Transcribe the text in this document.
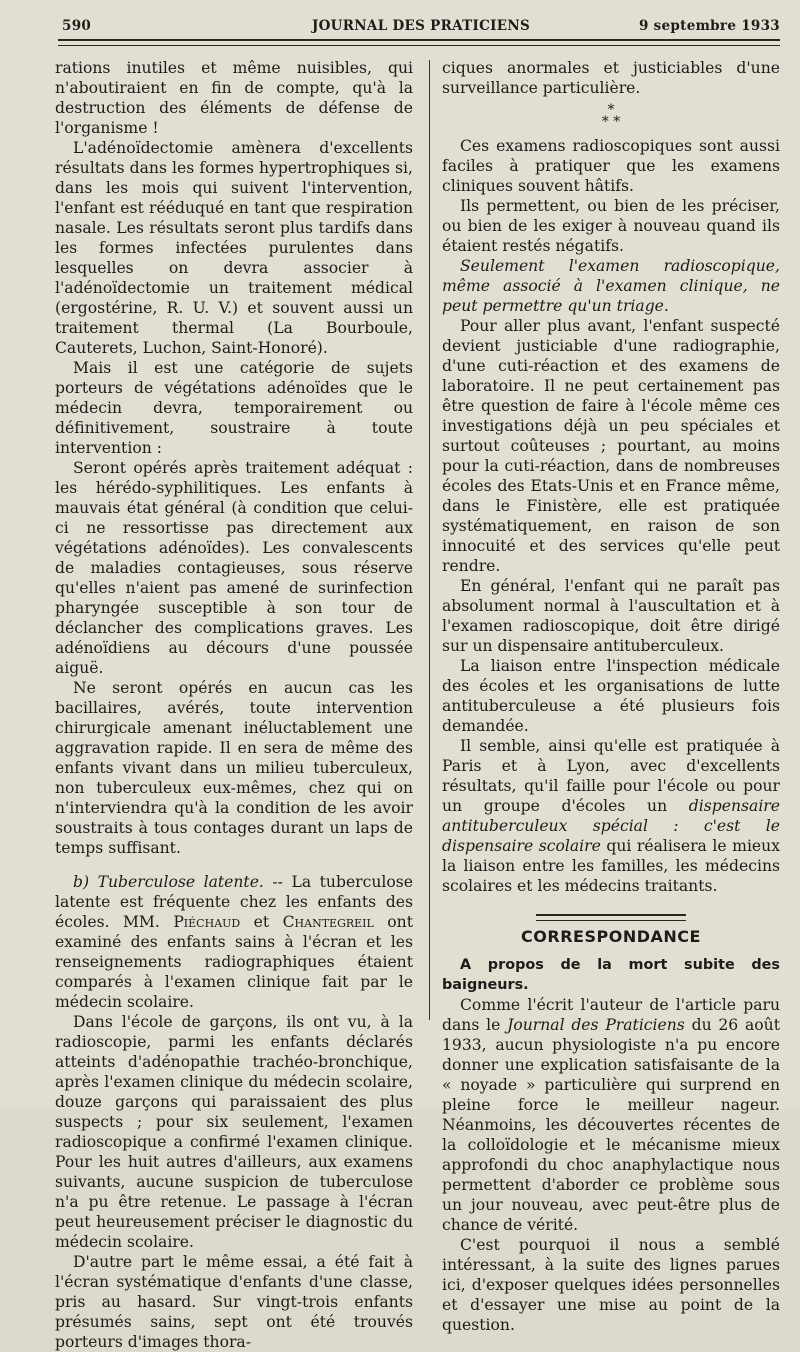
590	JOURNAL DES PRATICIENS	9 septembre 1933

rations inutiles et même nuisibles, qui n'aboutiraient en fin de compte, qu'à la destruction des éléments de défense de l'organisme !

L'adénoïdectomie amènera d'excellents résultats dans les formes hypertrophiques si, dans les mois qui suivent l'intervention, l'enfant est rééduqué en tant que respiration nasale. Les résultats seront plus tardifs dans les formes infectées purulentes dans lesquelles on devra associer à l'adénoïdectomie un traitement médical (ergostérine, R. U. V.) et souvent aussi un traitement thermal (La Bourboule, Cauterets, Luchon, Saint-Honoré).

Mais il est une catégorie de sujets porteurs de végétations adénoïdes que le médecin devra, temporairement ou définitivement, soustraire à toute intervention :

Seront opérés après traitement adéquat : les hérédo-syphilitiques. Les enfants à mauvais état général (à condition que celui-ci ne ressortisse pas directement aux végétations adénoïdes). Les convalescents de maladies contagieuses, sous réserve qu'elles n'aient pas amené de surinfection pharyngée susceptible à son tour de déclancher des complications graves. Les adénoïdiens au décours d'une poussée aiguë.

Ne seront opérés en aucun cas les bacillaires, avérés, toute intervention chirurgicale amenant inéluctablement une aggravation rapide. Il en sera de même des enfants vivant dans un milieu tuberculeux, non tuberculeux eux-mêmes, chez qui on n'interviendra qu'à la condition de les avoir soustraits à tous contages durant un laps de temps suffisant.

b) Tuberculose latente. -- La tuberculose latente est fréquente chez les enfants des écoles. MM. Piéchaud et Chantegreil ont examiné des enfants sains à l'écran et les renseignements radiographiques étaient comparés à l'examen clinique fait par le médecin scolaire.

Dans l'école de garçons, ils ont vu, à la radioscopie, parmi les enfants déclarés atteints d'adénopathie trachéo-bronchique, après l'examen clinique du médecin scolaire, douze garçons qui paraissaient des plus suspects ; pour six seulement, l'examen radioscopique a confirmé l'examen clinique. Pour les huit autres d'ailleurs, aux examens suivants, aucune suspicion de tuberculose n'a pu être retenue. Le passage à l'écran peut heureusement préciser le diagnostic du médecin scolaire.

D'autre part le même essai, a été fait à l'écran systématique d'enfants d'une classe, pris au hasard. Sur vingt-trois enfants présumés sains, sept ont été trouvés porteurs d'images thora-

ciques anormales et justiciables d'une surveillance particulière.

*
* *

Ces examens radioscopiques sont aussi faciles à pratiquer que les examens cliniques souvent hâtifs.

Ils permettent, ou bien de les préciser, ou bien de les exiger à nouveau quand ils étaient restés négatifs.

Seulement l'examen radioscopique, même associé à l'examen clinique, ne peut permettre qu'un triage.

Pour aller plus avant, l'enfant suspecté devient justiciable d'une radiographie, d'une cuti-réaction et des examens de laboratoire. Il ne peut certainement pas être question de faire à l'école même ces investigations déjà un peu spéciales et surtout coûteuses ; pourtant, au moins pour la cuti-réaction, dans de nombreuses écoles des Etats-Unis et en France même, dans le Finistère, elle est pratiquée systématiquement, en raison de son innocuité et des services qu'elle peut rendre.

En général, l'enfant qui ne paraît pas absolument normal à l'auscultation et à l'examen radioscopique, doit être dirigé sur un dispensaire antituberculeux.

La liaison entre l'inspection médicale des écoles et les organisations de lutte antituberculeuse a été plusieurs fois demandée.

Il semble, ainsi qu'elle est pratiquée à Paris et à Lyon, avec d'excellents résultats, qu'il faille pour l'école ou pour un groupe d'écoles un dispensaire antituberculeux spécial : c'est le dispensaire scolaire qui réalisera le mieux la liaison entre les familles, les médecins scolaires et les médecins traitants.

CORRESPONDANCE

A propos de la mort subite des baigneurs.

Comme l'écrit l'auteur de l'article paru dans le Journal des Praticiens du 26 août 1933, aucun physiologiste n'a pu encore donner une explication satisfaisante de la « noyade » particulière qui surprend en pleine force le meilleur nageur. Néanmoins, les découvertes récentes de la colloïdologie et le mécanisme mieux approfondi du choc anaphylactique nous permettent d'aborder ce problème sous un jour nouveau, avec peut-être plus de chance de vérité.

C'est pourquoi il nous a semblé intéressant, à la suite des lignes parues ici, d'exposer quelques idées personnelles et d'essayer une mise au point de la question.
